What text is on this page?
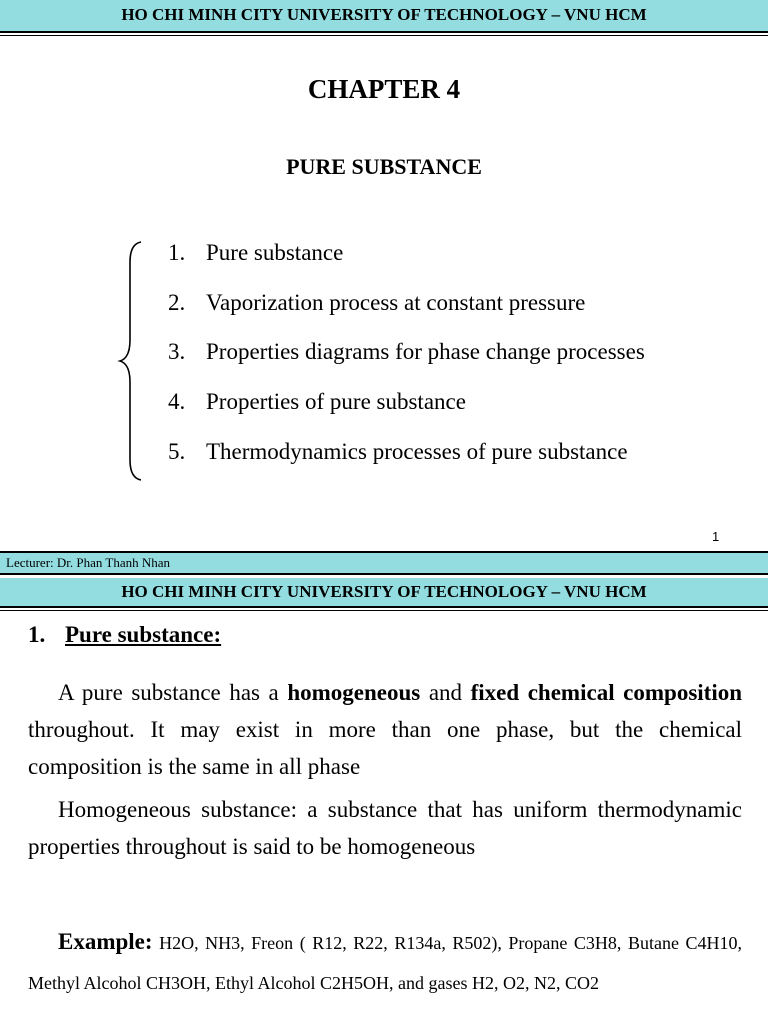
HO CHI MINH CITY UNIVERSITY OF TECHNOLOGY – VNU HCM
CHAPTER 4
PURE SUBSTANCE
1. Pure substance
2. Vaporization process at constant pressure
3. Properties diagrams for phase change processes
4. Properties of pure substance
5. Thermodynamics processes of pure substance
1
Lecturer: Dr. Phan Thanh Nhan
HO CHI MINH CITY UNIVERSITY OF TECHNOLOGY – VNU HCM
1. Pure substance:

A pure substance has a homogeneous and fixed chemical composition throughout. It may exist in more than one phase, but the chemical composition is the same in all phase

Homogeneous substance: a substance that has uniform thermodynamic properties throughout is said to be homogeneous

Example: H2O, NH3, Freon ( R12, R22, R134a, R502), Propane C3H8, Butane C4H10, Methyl Alcohol CH3OH, Ethyl Alcohol C2H5OH, and gases H2, O2, N2, CO2
